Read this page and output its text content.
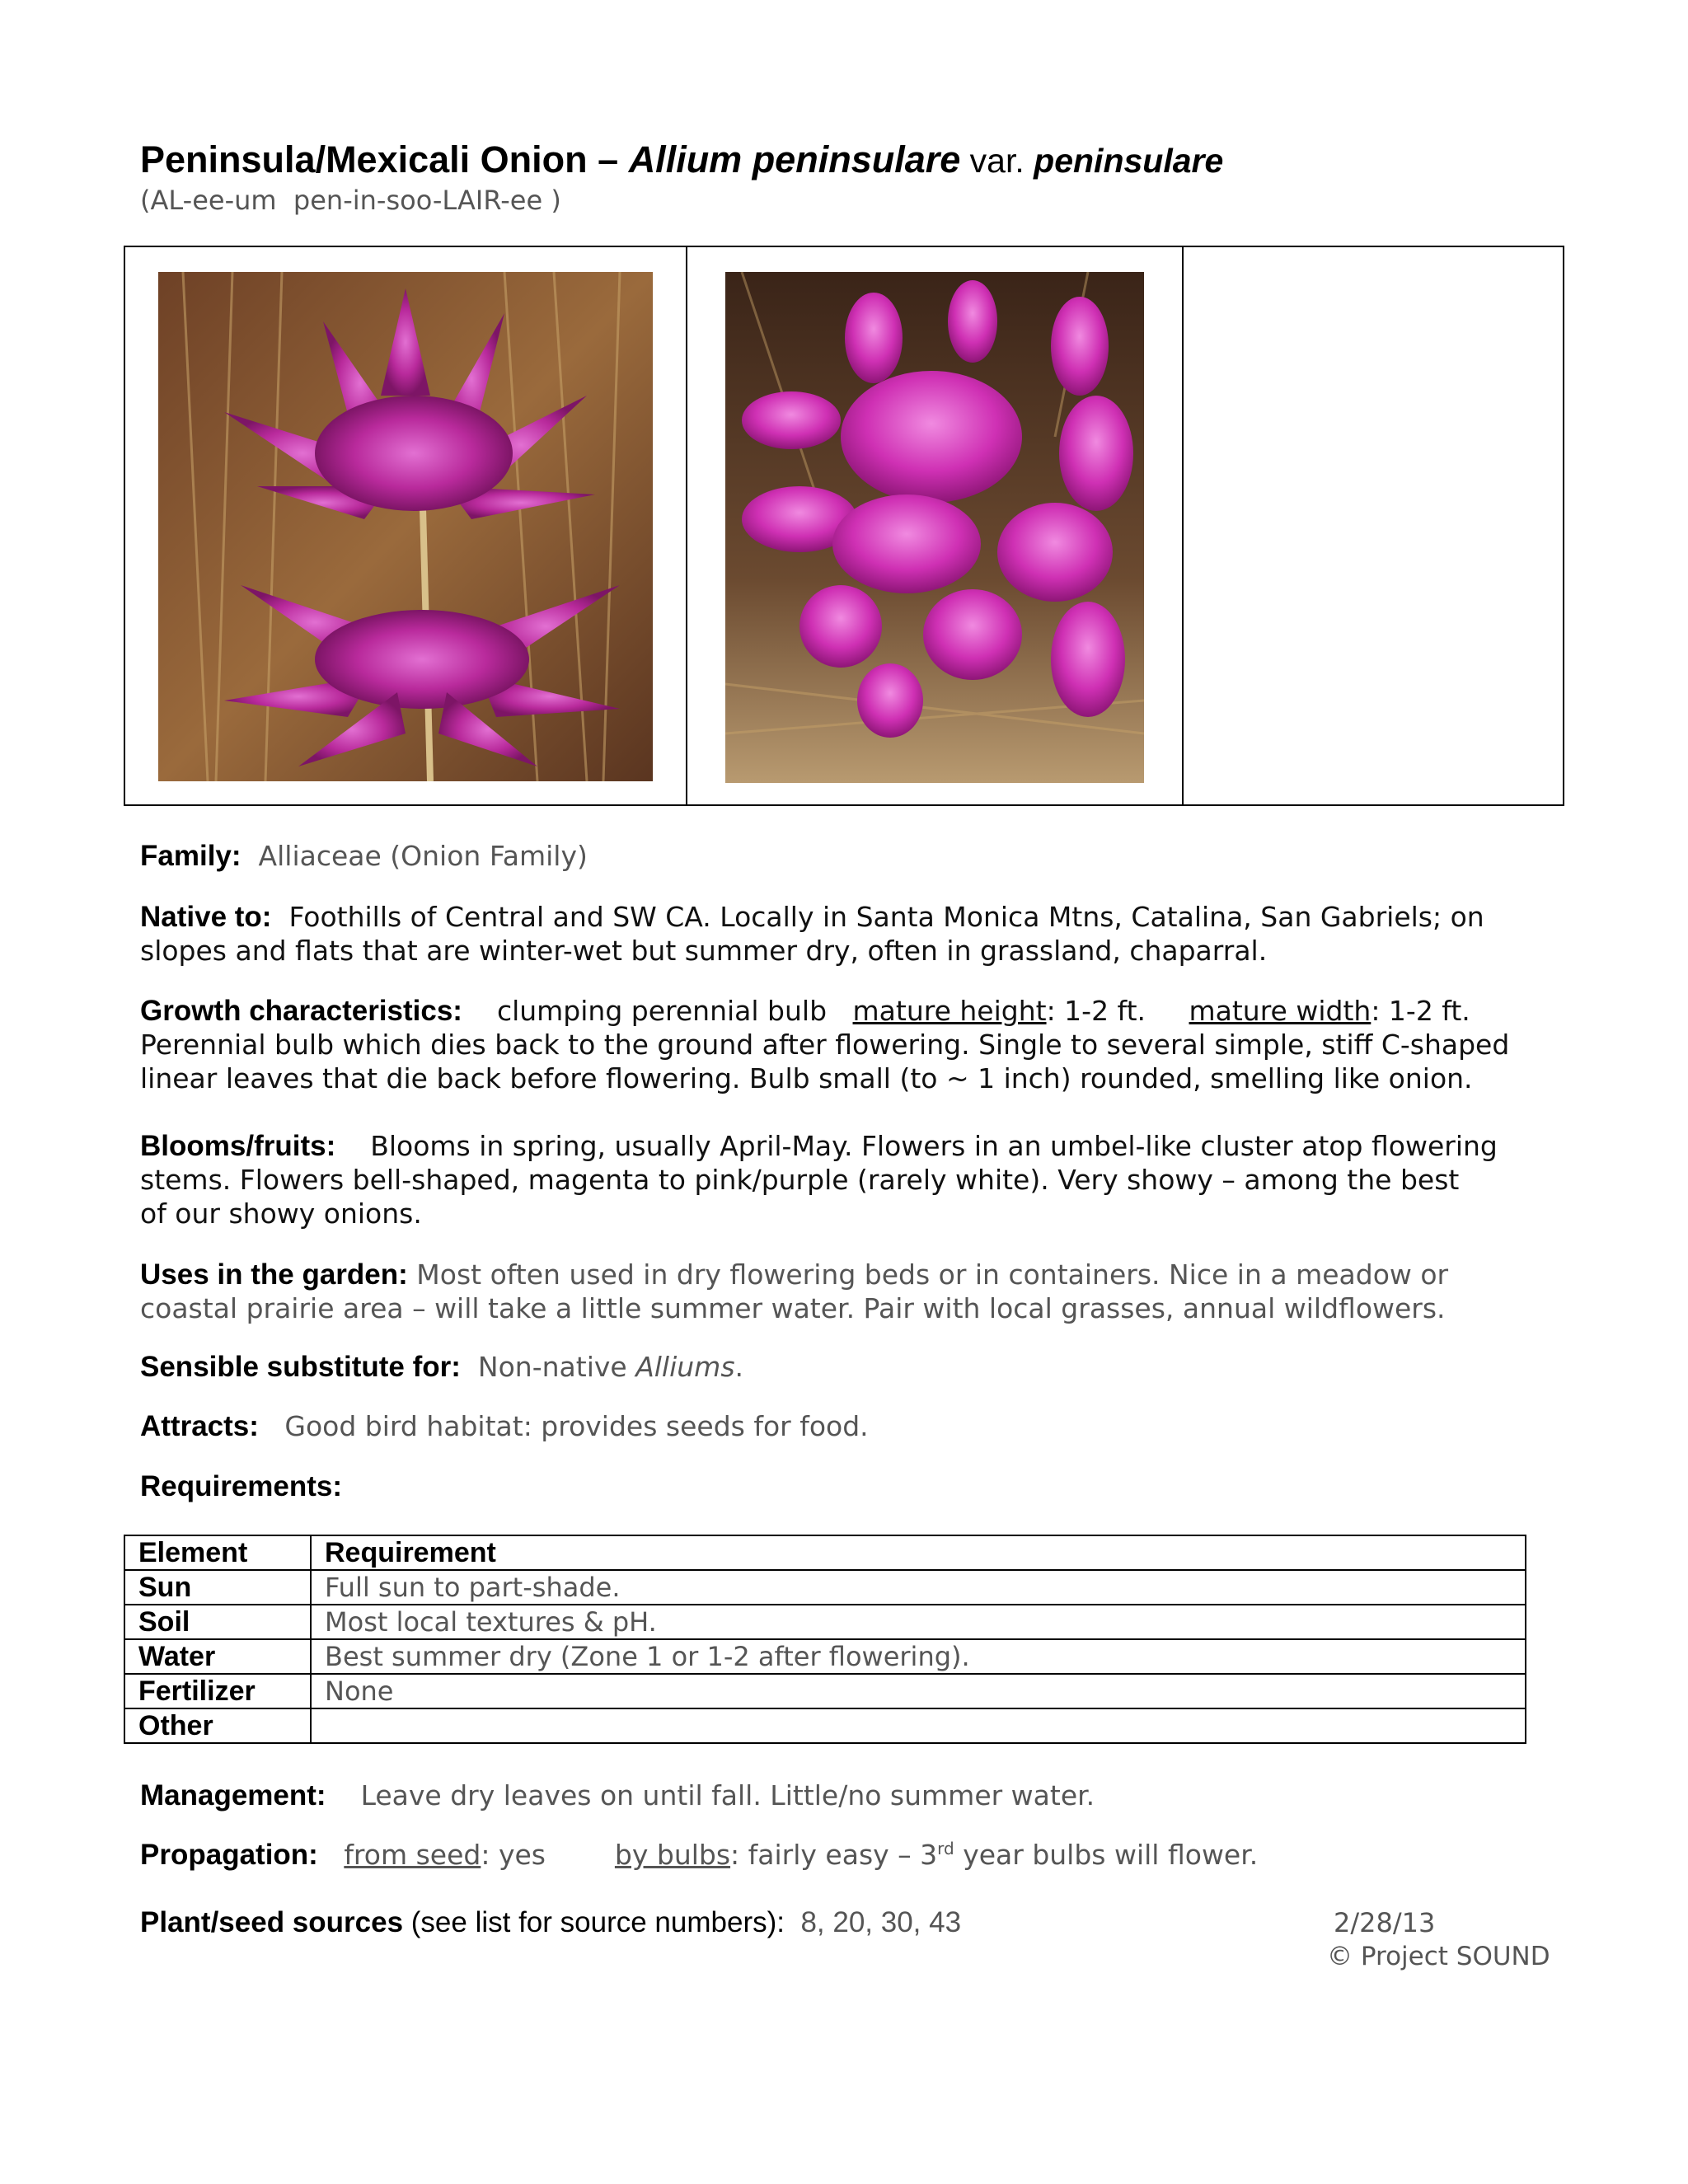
Peninsula/Mexicali Onion – Allium peninsulare var. peninsulare
(AL-ee-um  pen-in-soo-LAIR-ee )
Family: Alliaceae (Onion Family)
Native to: Foothills of Central and SW CA. Locally in Santa Monica Mtns, Catalina, San Gabriels; on
slopes and flats that are winter-wet but summer dry, often in grassland, chaparral.
Growth characteristics: clumping perennial bulb mature height: 1-2 ft. mature width: 1-2 ft.
Perennial bulb which dies back to the ground after flowering. Single to several simple, stiff C-shaped
linear leaves that die back before flowering. Bulb small (to ~ 1 inch) rounded, smelling like onion.
Blooms/fruits: Blooms in spring, usually April-May. Flowers in an umbel-like cluster atop flowering
stems. Flowers bell-shaped, magenta to pink/purple (rarely white). Very showy – among the best
of our showy onions.
Uses in the garden: Most often used in dry flowering beds or in containers. Nice in a meadow or
coastal prairie area – will take a little summer water. Pair with local grasses, annual wildflowers.
Sensible substitute for: Non-native Alliums.
Attracts: Good bird habitat: provides seeds for food.
Requirements:
Element	Requirement
Sun	Full sun to part-shade.
Soil	Most local textures & pH.
Water	Best summer dry (Zone 1 or 1-2 after flowering).
Fertilizer	None
Other	
Management: Leave dry leaves on until fall. Little/no summer water.
Propagation: from seed: yes	by bulbs: fairly easy – 3rd year bulbs will flower.
Plant/seed sources (see list for source numbers): 8, 20, 30, 43	2/28/13
© Project SOUND
